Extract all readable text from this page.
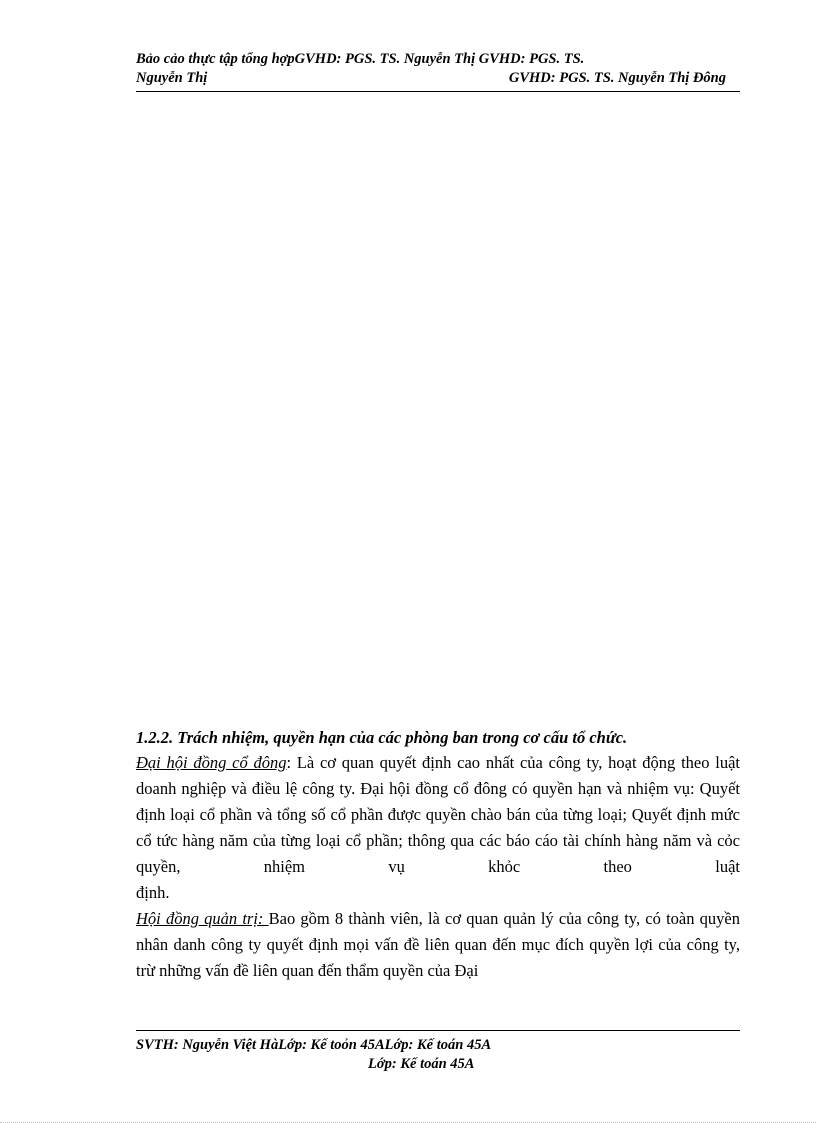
Bảo cảo thực tập tổng hợpGVHD: PGS. TS. Nguyễn Thị GVHD: PGS. TS.
Nguyễn Thị	GVHD: PGS. TS. Nguyễn Thị Đông
1.2.2. Trách nhiệm, quyền hạn của các phòng ban trong cơ cấu tổ chức.
Đại hội đồng cổ đông: Là cơ quan quyết định cao nhất của công ty, hoạt động theo luật doanh nghiệp và điều lệ công ty. Đại hội đồng cổ đông có quyền hạn và nhiệm vụ: Quyết định loại cổ phần và tổng số cổ phần được quyền chào bán của từng loại; Quyết định mức cổ tức hàng năm của từng loại cổ phần; thông qua các báo cáo tài chính hàng năm và cỏc quyền, nhiệm vụ khỏc theo luật
định.
Hội đồng quản trị: Bao gồm 8 thành viên, là cơ quan quản lý của công ty, có toàn quyền nhân danh công ty quyết định mọi vấn đề liên quan đến mục đích quyền lợi của công ty, trừ những vấn đề liên quan đến thẩm quyền của Đại
SVTH: Nguyễn Việt HàLớp: Kế toỏn 45ALớp: Kế toán 45A
Lớp: Kế toán 45A
